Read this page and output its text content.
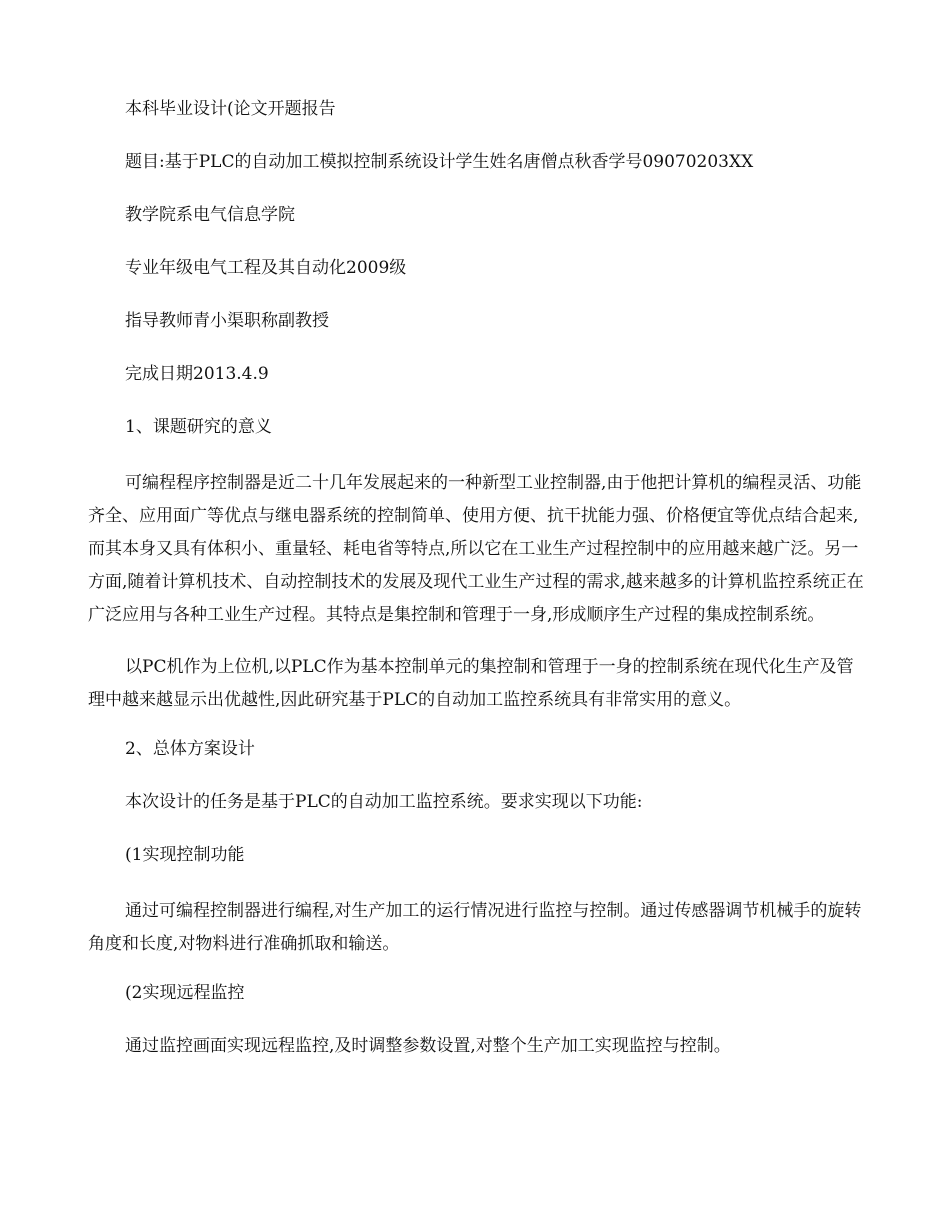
本科毕业设计(论文开题报告

题目:基于PLC的自动加工模拟控制系统设计学生姓名唐僧点秋香学号09070203XX

教学院系电气信息学院

专业年级电气工程及其自动化2009级

指导教师青小渠职称副教授

完成日期2013.4.9

1、课题研究的意义

可编程程序控制器是近二十几年发展起来的一种新型工业控制器,由于他把计算机的编程灵活、功能齐全、应用面广等优点与继电器系统的控制简单、使用方便、抗干扰能力强、价格便宜等优点结合起来,而其本身又具有体积小、重量轻、耗电省等特点,所以它在工业生产过程控制中的应用越来越广泛。另一方面,随着计算机技术、自动控制技术的发展及现代工业生产过程的需求,越来越多的计算机监控系统正在广泛应用与各种工业生产过程。其特点是集控制和管理于一身,形成顺序生产过程的集成控制系统。

以PC机作为上位机,以PLC作为基本控制单元的集控制和管理于一身的控制系统在现代化生产及管理中越来越显示出优越性,因此研究基于PLC的自动加工监控系统具有非常实用的意义。

2、总体方案设计

本次设计的任务是基于PLC的自动加工监控系统。要求实现以下功能:

(1实现控制功能

通过可编程控制器进行编程,对生产加工的运行情况进行监控与控制。通过传感器调节机械手的旋转角度和长度,对物料进行准确抓取和输送。

(2实现远程监控

通过监控画面实现远程监控,及时调整参数设置,对整个生产加工实现监控与控制。
